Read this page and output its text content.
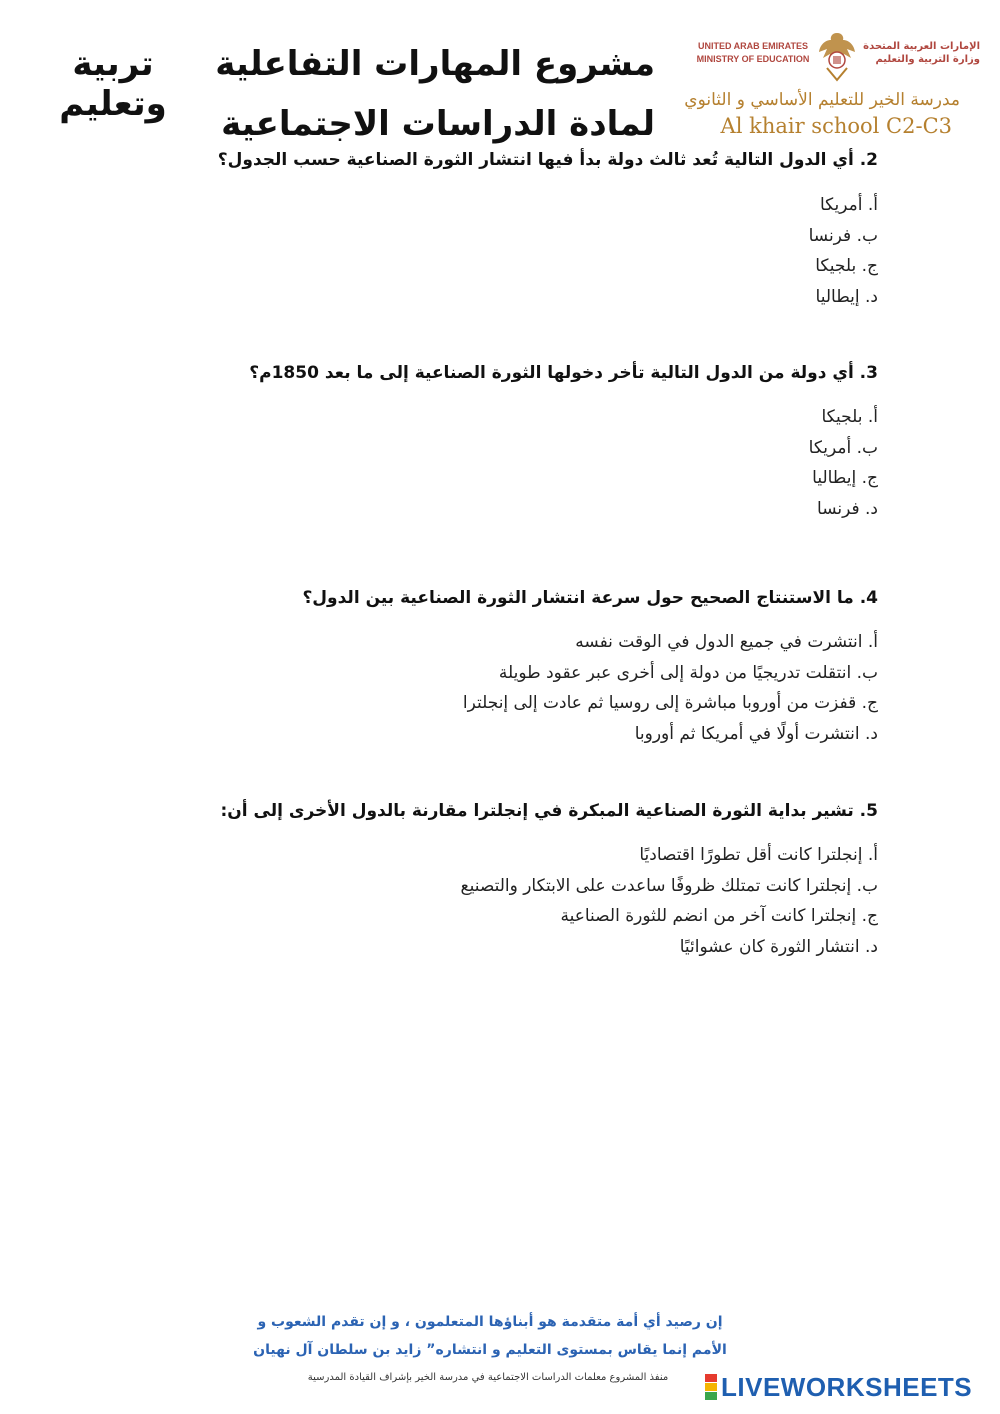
تربية
وتعليم
مشروع المهارات التفاعلية
لمادة الدراسات الاجتماعية
UNITED ARAB EMIRATES
MINISTRY OF EDUCATION
الإمارات العربية المتحدة
وزارة التربية والتعليم
مدرسة الخير للتعليم الأساسي و الثانوي
Al khair school C2-C3
2. أي الدول التالية تُعد ثالث دولة بدأ فيها انتشار الثورة الصناعية حسب الجدول؟
أ. أمريكا
ب. فرنسا
ج. بلجيكا
د. إيطاليا
3. أي دولة من الدول التالية تأخر دخولها الثورة الصناعية إلى ما بعد 1850م؟
أ. بلجيكا
ب. أمريكا
ج. إيطاليا
د. فرنسا
4. ما الاستنتاج الصحيح حول سرعة انتشار الثورة الصناعية بين الدول؟
أ. انتشرت في جميع الدول في الوقت نفسه
ب. انتقلت تدريجيًا من دولة إلى أخرى عبر عقود طويلة
ج. قفزت من أوروبا مباشرة إلى روسيا ثم عادت إلى إنجلترا
د. انتشرت أولًا في أمريكا ثم أوروبا
5. تشير بداية الثورة الصناعية المبكرة في إنجلترا مقارنة بالدول الأخرى إلى أن:
أ. إنجلترا كانت أقل تطورًا اقتصاديًا
ب. إنجلترا كانت تمتلك ظروفًا ساعدت على الابتكار والتصنيع
ج. إنجلترا كانت آخر من انضم للثورة الصناعية
د. انتشار الثورة كان عشوائيًا
إن رصيد أي أمة متقدمة هو أبناؤها المتعلمون ، و إن تقدم الشعوب و
الأمم إنما يقاس بمستوى التعليم و انتشاره” زايد بن سلطان آل نهيان
منفذ المشروع معلمات الدراسات الاجتماعية في مدرسة الخير بإشراف القيادة المدرسية	LIVEWORKSHEETS
